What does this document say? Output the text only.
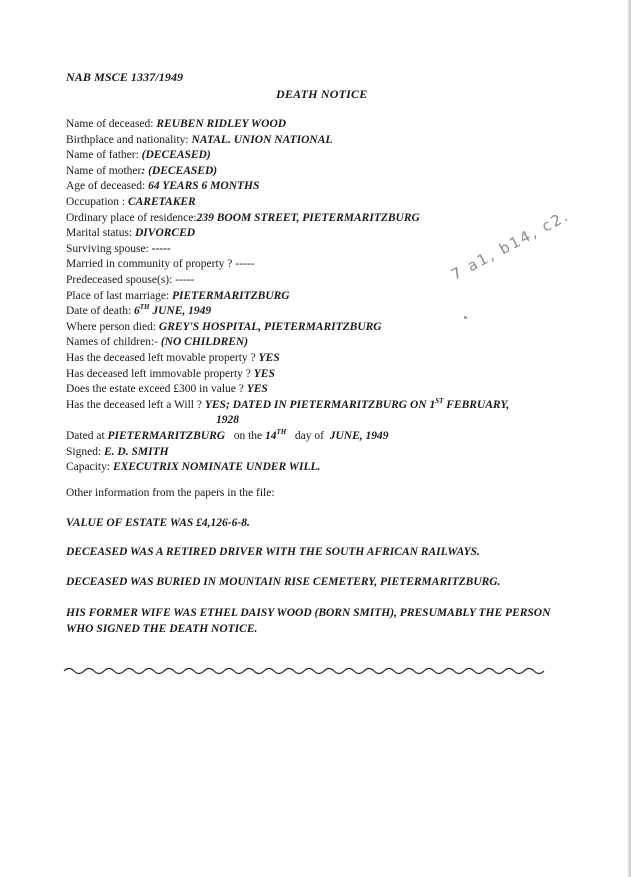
NAB MSCE 1337/1949
DEATH NOTICE
Name of deceased: REUBEN RIDLEY WOOD
Birthplace and nationality: NATAL. UNION NATIONAL
Name of father: (DECEASED)
Name of mother: (DECEASED)
Age of deceased: 64 YEARS 6 MONTHS
Occupation : CARETAKER
Ordinary place of residence:239 BOOM STREET, PIETERMARITZBURG
Marital status: DIVORCED
Surviving spouse: -----
Married in community of property ? -----
Predeceased spouse(s): -----
Place of last marriage: PIETERMARITZBURG
Date of death: 6TH JUNE, 1949
Where person died: GREY'S HOSPITAL, PIETERMARITZBURG
Names of children:- (NO CHILDREN)
Has the deceased left movable property ? YES
Has deceased left immovable property ? YES
Does the estate exceed £300 in value ? YES
Has the deceased left a Will ? YES; DATED IN PIETERMARITZBURG ON 1ST FEBRUARY,
1928
Dated at PIETERMARITZBURG   on the 14TH   day of  JUNE, 1949
Signed: E. D. SMITH
Capacity: EXECUTRIX NOMINATE UNDER WILL.
Other information from the papers in the file:
VALUE OF ESTATE WAS £4,126-6-8.
DECEASED WAS A RETIRED DRIVER WITH THE SOUTH AFRICAN RAILWAYS.
DECEASED WAS BURIED IN MOUNTAIN RISE CEMETERY, PIETERMARITZBURG.
HIS FORMER WIFE WAS ETHEL DAISY WOOD (BORN SMITH), PRESUMABLY THE PERSON WHO SIGNED THE DEATH NOTICE.
7 a1, b14, c2.
